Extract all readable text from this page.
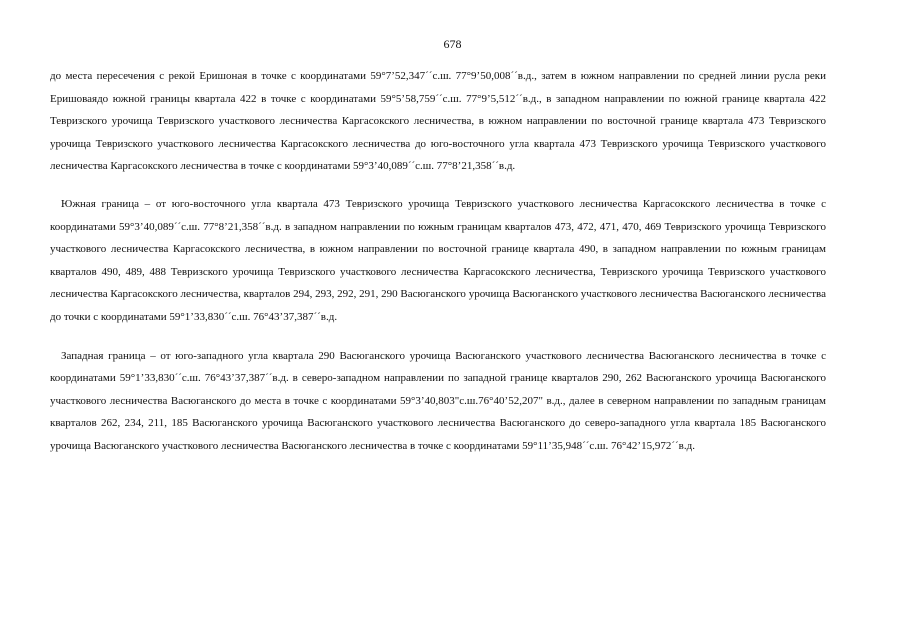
678

до места пересечения с рекой Еришоная в точке с координатами 59°7’52,347´´с.ш. 77°9’50,008´´в.д., затем в южном направлении по средней линии русла реки Еришоваядо южной границы квартала 422 в точке с координатами 59°5’58,759´´с.ш. 77°9’5,512´´в.д., в западном направлении по южной границе квартала 422 Тевризского урочища Тевризского участкового лесничества Каргасокского лесничества, в южном направлении по восточной границе квартала 473 Тевризского урочища Тевризского участкового лесничества Каргасокского лесничества до юго-восточного угла квартала 473 Тевризского урочища Тевризского участкового лесничества Каргасокского лесничества в точке с координатами 59°3’40,089´´с.ш. 77°8’21,358´´в.д.

Южная граница – от юго-восточного угла квартала 473 Тевризского урочища Тевризского участкового лесничества Каргасокского лесничества в точке с координатами 59°3’40,089´´с.ш. 77°8’21,358´´в.д. в западном направлении по южным границам кварталов 473, 472, 471, 470, 469 Тевризского урочища Тевризского участкового лесничества Каргасокского лесничества, в южном направлении по восточной границе квартала 490, в западном направлении по южным границам кварталов 490, 489, 488 Тевризского урочища Тевризского участкового лесничества Каргасокского лесничества, Тевризского урочища Тевризского участкового лесничества Каргасокского лесничества, кварталов 294, 293, 292, 291, 290 Васюганского урочища Васюганского участкового лесничества Васюганского лесничества до точки с координатами 59°1’33,830´´с.ш. 76°43’37,387´´в.д.

Западная граница – от юго-западного угла квартала 290 Васюганского урочища Васюганского участкового лесничества Васюганского лесничества в точке с координатами 59°1’33,830´´с.ш. 76°43’37,387´´в.д. в северо-западном направлении по западной границе кварталов 290, 262 Васюганского урочища Васюганского участкового лесничества Васюганского до места в точке с координатами 59°3’40,803"с.ш.76°40’52,207" в.д., далее в северном направлении по западным границам кварталов 262, 234, 211, 185 Васюганского урочища Васюганского участкового лесничества Васюганского до северо-западного угла квартала 185 Васюганского урочища Васюганского участкового лесничества Васюганского лесничества в точке с координатами 59°11’35,948´´с.ш. 76°42’15,972´´в.д.
